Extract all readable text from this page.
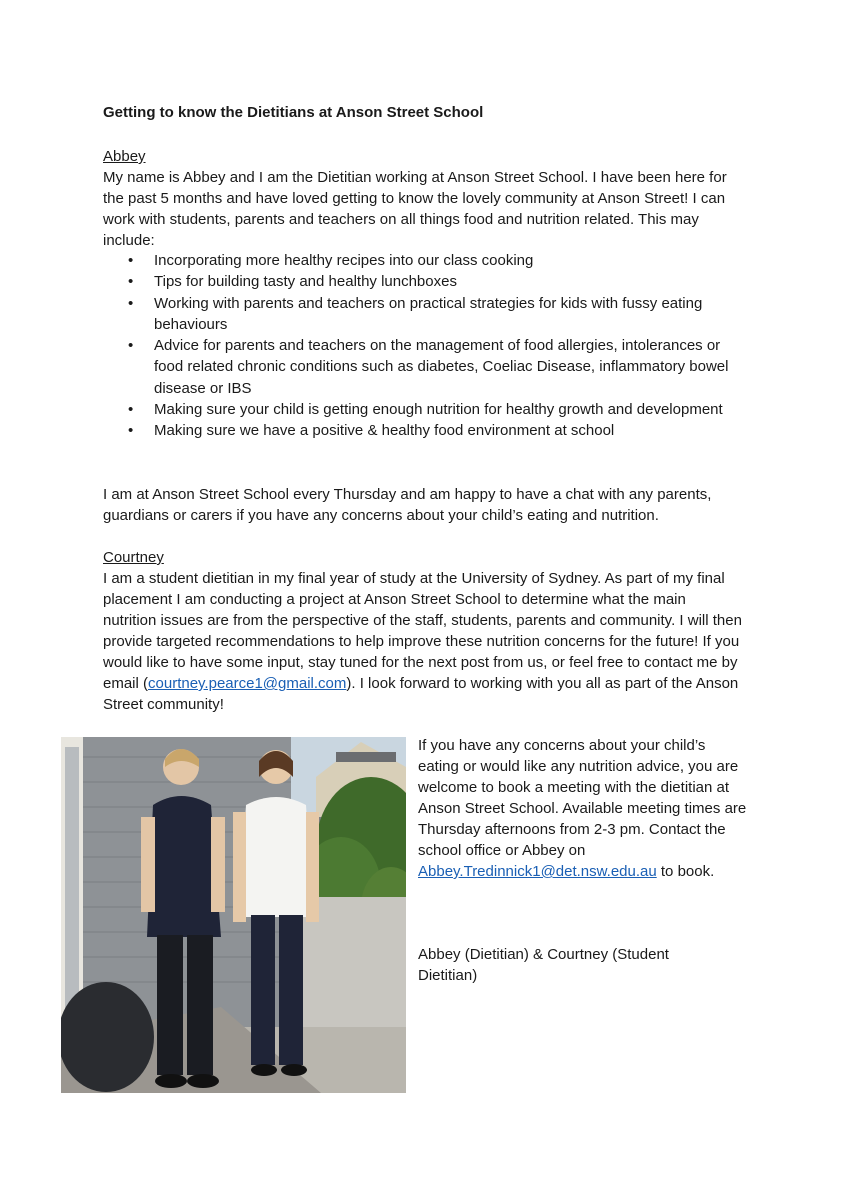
Getting to know the Dietitians at Anson Street School

Abbey
My name is Abbey and I am the Dietitian working at Anson Street School. I have been here for the past 5 months and have loved getting to know the lovely community at Anson Street! I can work with students, parents and teachers on all things food and nutrition related. This may include:

• Incorporating more healthy recipes into our class cooking
• Tips for building tasty and healthy lunchboxes
• Working with parents and teachers on practical strategies for kids with fussy eating behaviours
• Advice for parents and teachers on the management of food allergies, intolerances or food related chronic conditions such as diabetes, Coeliac Disease, inflammatory bowel disease or IBS
• Making sure your child is getting enough nutrition for healthy growth and development
• Making sure we have a positive & healthy food environment at school

I am at Anson Street School every Thursday and am happy to have a chat with any parents, guardians or carers if you have any concerns about your child’s eating and nutrition.

Courtney
I am a student dietitian in my final year of study at the University of Sydney. As part of my final placement I am conducting a project at Anson Street School to determine what the main nutrition issues are from the perspective of the staff, students, parents and community. I will then provide targeted recommendations to help improve these nutrition concerns for the future! If you would like to have some input, stay tuned for the next post from us, or feel free to contact me by email (courtney.pearce1@gmail.com). I look forward to working with you all as part of the Anson Street community!

If you have any concerns about your child’s eating or would like any nutrition advice, you are welcome to book a meeting with the dietitian at Anson Street School. Available meeting times are Thursday afternoons from 2-3 pm. Contact the school office or Abbey on Abbey.Tredinnick1@det.nsw.edu.au to book.

Abbey (Dietitian) & Courtney (Student Dietitian)
